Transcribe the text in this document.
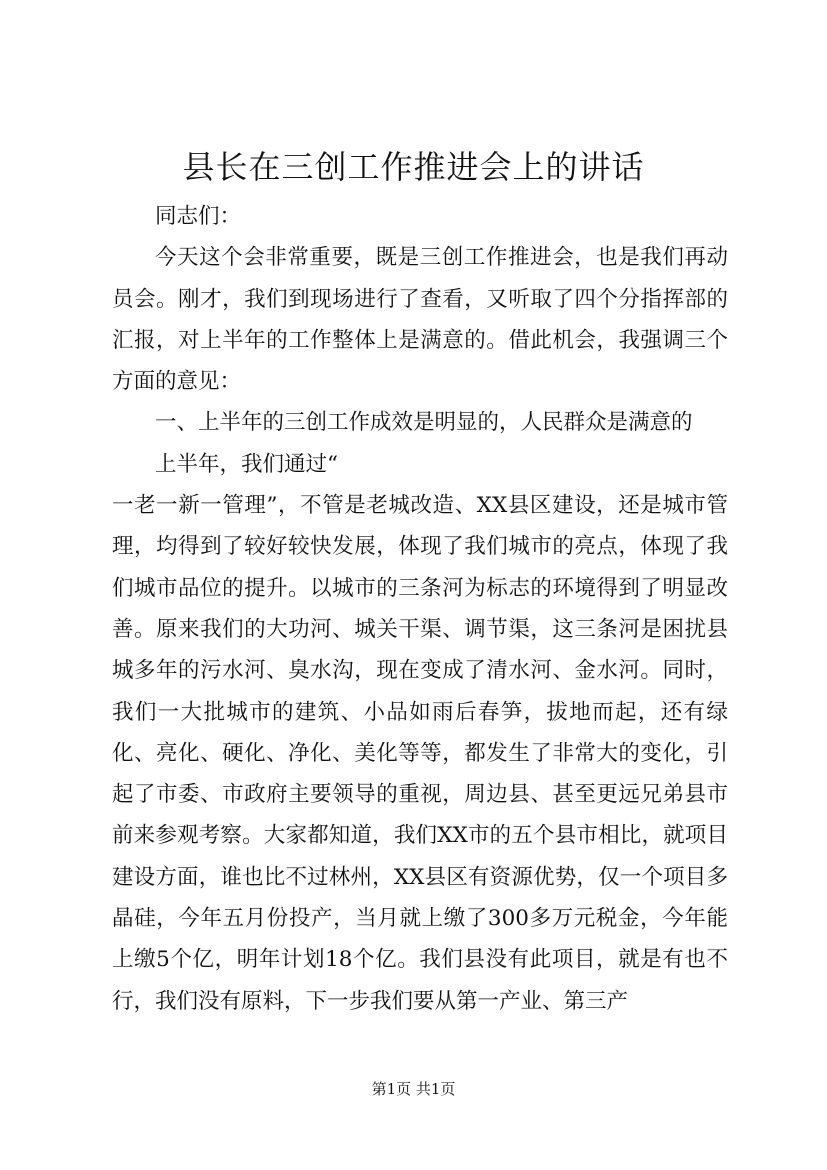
县长在三创工作推进会上的讲话

同志们：

今天这个会非常重要，既是三创工作推进会，也是我们再动员会。刚才，我们到现场进行了查看，又听取了四个分指挥部的汇报，对上半年的工作整体上是满意的。借此机会，我强调三个方面的意见：

一、上半年的三创工作成效是明显的，人民群众是满意的

上半年，我们通过“

一老一新一管理”，不管是老城改造、XX县区建设，还是城市管理，均得到了较好较快发展，体现了我们城市的亮点，体现了我们城市品位的提升。以城市的三条河为标志的环境得到了明显改善。原来我们的大功河、城关干渠、调节渠，这三条河是困扰县城多年的污水河、臭水沟，现在变成了清水河、金水河。同时，我们一大批城市的建筑、小品如雨后春笋，拔地而起，还有绿化、亮化、硬化、净化、美化等等，都发生了非常大的变化，引起了市委、市政府主要领导的重视，周边县、甚至更远兄弟县市前来参观考察。大家都知道，我们XX市的五个县市相比，就项目建设方面，谁也比不过林州，XX县区有资源优势，仅一个项目多晶硅，今年五月份投产，当月就上缴了300多万元税金，今年能上缴5个亿，明年计划18个亿。我们县没有此项目，就是有也不行，我们没有原料，下一步我们要从第一产业、第三产

第1页 共1页
